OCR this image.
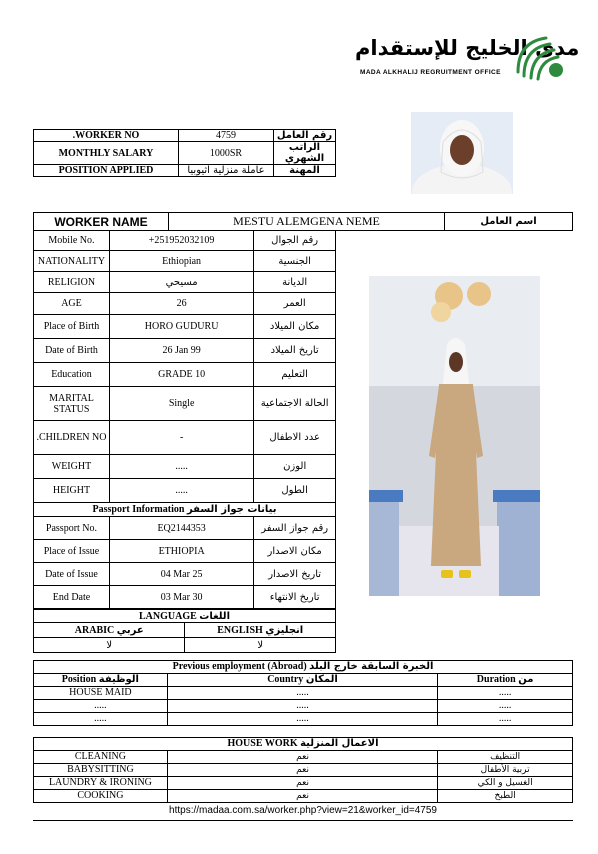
مدى الخليج للإستقدام
MADA ALKHALIJ REGRUITMENT OFFICE
.WORKER NO	4759	رقم العامل
MONTHLY SALARY	1000SR	الراتب الشهري
POSITION APPLIED	عاملة منزلية اثيوبيا	المهنة
WORKER NAME	MESTU ALEMGENA NEME	اسم العامل
Mobile No.	+251952032109	رقم الجوال
NATIONALITY	Ethiopian	الجنسية
RELIGION	مسيحي	الديانة
AGE	26	العمر
Place of Birth	HORO GUDURU	مكان الميلاد
Date of Birth	26 Jan 99	تاريخ الميلاد
Education	GRADE 10	التعليم
MARITAL STATUS	Single	الحالة الاجتماعية
.CHILDREN NO	-	عدد الاطفال
WEIGHT	.....	الوزن
HEIGHT	.....	الطول
Passport Information بيانات جواز السفر		
Passport No.	EQ2144353	رقم جواز السفر
Place of Issue	ETHIOPIA	مكان الاصدار
Date of Issue	04 Mar 25	تاريخ الاصدار
End Date	03 Mar 30	تاريخ الانتهاء
LANGUAGE اللغات	
ARABIC عربي	ENGLISH انجليزي
لا	لا
Previous employment (Abroad) الخبرة السابقة خارج البلد		
Position الوظيفة	Country المكان	Duration من
HOUSE MAID	.....	.....
.....	.....	.....
.....	.....	.....
HOUSE WORK الاعمال المنزلية		
CLEANING	نعم	التنظيف
BABYSITTING	نعم	تربية الأطفال
LAUNDRY & IRONING	نعم	الغسيل و الكي
COOKING	نعم	الطبخ
https://madaa.com.sa/worker.php?view=21&worker_id=4759
